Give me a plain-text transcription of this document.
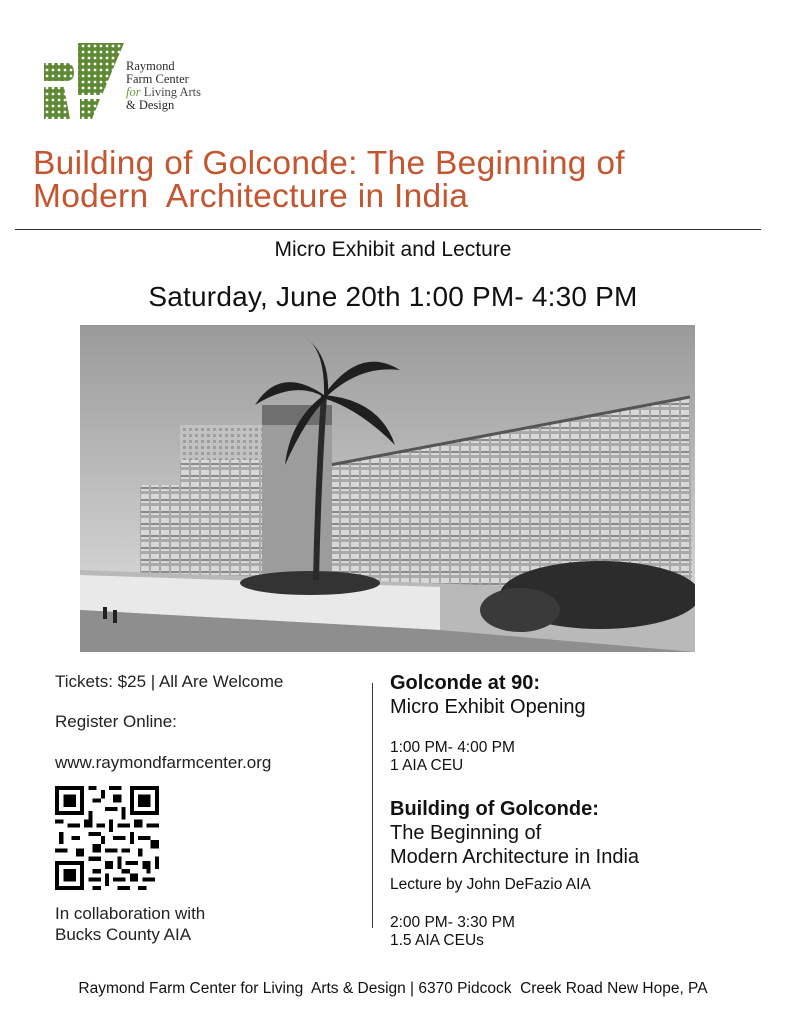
Raymond
Farm Center
for Living Arts
& Design
Building of Golconde: The Beginning of
Modern  Architecture in India
Micro Exhibit and Lecture
Saturday, June 20th 1:00 PM- 4:30 PM
Tickets: $25 | All Are Welcome
Register Online:
www.raymondfarmcenter.org
In collaboration with
Bucks County AIA
Golconde at 90:
Micro Exhibit Opening
1:00 PM- 4:00 PM
1 AIA CEU
Building of Golconde:
The Beginning of
Modern Architecture in India
Lecture by John DeFazio AIA
2:00 PM- 3:30 PM
1.5 AIA CEUs
Raymond Farm Center for Living  Arts & Design | 6370 Pidcock  Creek Road New Hope, PA
